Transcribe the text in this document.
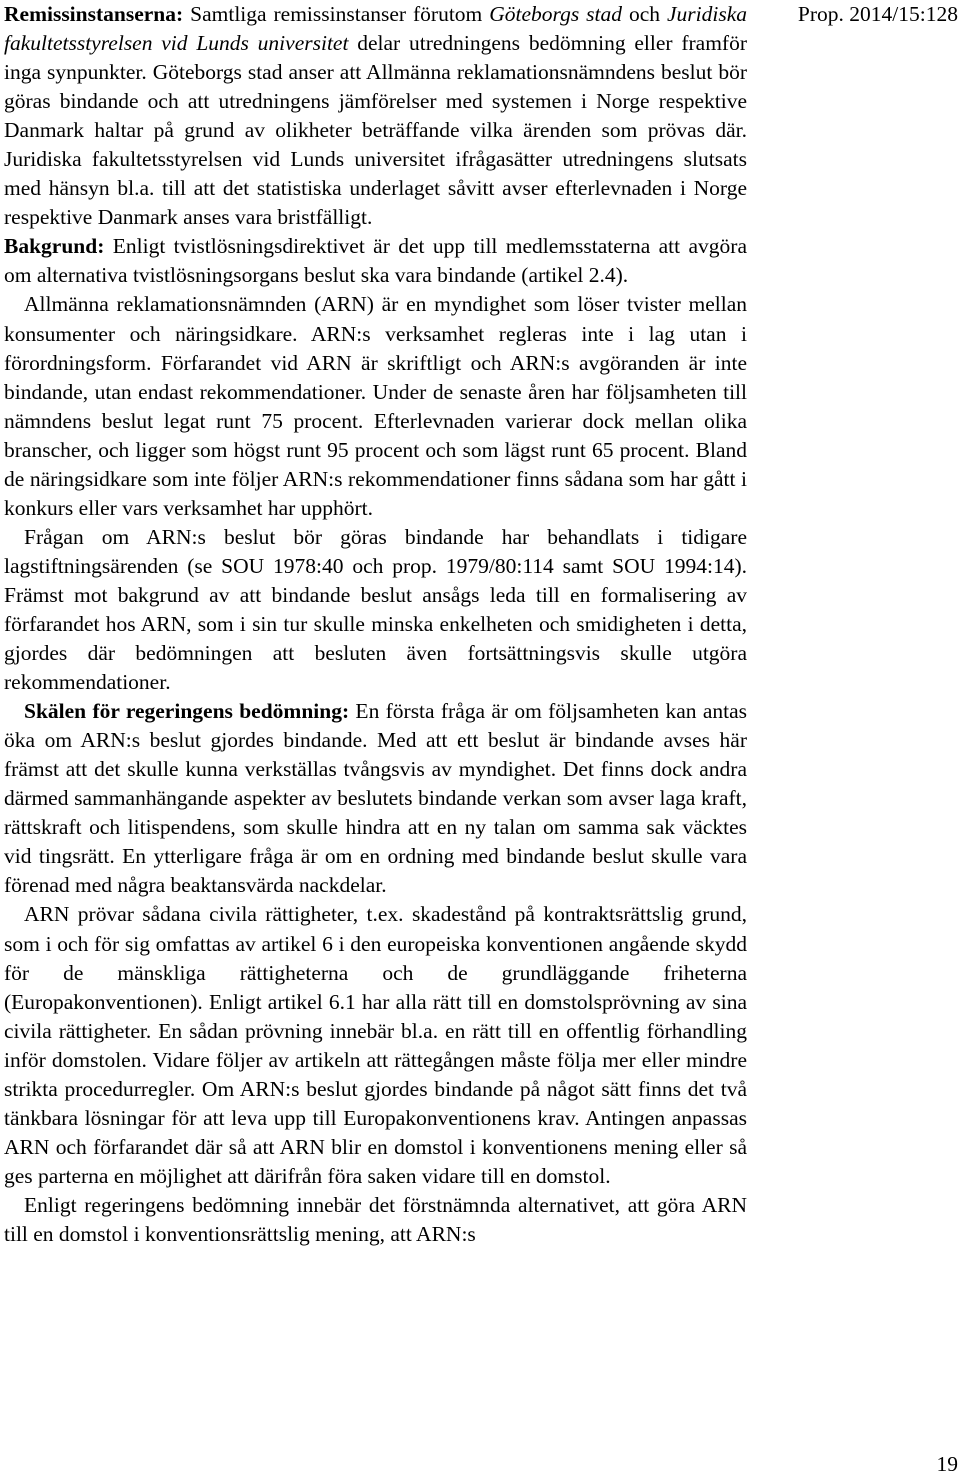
Remissinstanserna: Samtliga remissinstanser förutom Göteborgs stad och Juridiska fakultetsstyrelsen vid Lunds universitet delar utredningens bedömning eller framför inga synpunkter. Göteborgs stad anser att Allmänna reklamationsnämndens beslut bör göras bindande och att utredningens jämförelser med systemen i Norge respektive Danmark haltar på grund av olikheter beträffande vilka ärenden som prövas där. Juridiska fakultetsstyrelsen vid Lunds universitet ifrågasätter utredningens slutsats med hänsyn bl.a. till att det statistiska underlaget såvitt avser efterlevnaden i Norge respektive Danmark anses vara bristfälligt.

Bakgrund: Enligt tvistlösningsdirektivet är det upp till medlemsstaterna att avgöra om alternativa tvistlösningsorgans beslut ska vara bindande (artikel 2.4).

Allmänna reklamationsnämnden (ARN) är en myndighet som löser tvister mellan konsumenter och näringsidkare. ARN:s verksamhet regleras inte i lag utan i förordningsform. Förfarandet vid ARN är skriftligt och ARN:s avgöranden är inte bindande, utan endast rekommendationer. Under de senaste åren har följsamheten till nämndens beslut legat runt 75 procent. Efterlevnaden varierar dock mellan olika branscher, och ligger som högst runt 95 procent och som lägst runt 65 procent. Bland de näringsidkare som inte följer ARN:s rekommendationer finns sådana som har gått i konkurs eller vars verksamhet har upphört.

Frågan om ARN:s beslut bör göras bindande har behandlats i tidigare lagstiftningsärenden (se SOU 1978:40 och prop. 1979/80:114 samt SOU 1994:14). Främst mot bakgrund av att bindande beslut ansågs leda till en formalisering av förfarandet hos ARN, som i sin tur skulle minska enkelheten och smidigheten i detta, gjordes där bedömningen att besluten även fortsättningsvis skulle utgöra rekommendationer.

Skälen för regeringens bedömning: En första fråga är om följsamheten kan antas öka om ARN:s beslut gjordes bindande. Med att ett beslut är bindande avses här främst att det skulle kunna verkställas tvångsvis av myndighet. Det finns dock andra därmed sammanhängande aspekter av beslutets bindande verkan som avser laga kraft, rättskraft och litispendens, som skulle hindra att en ny talan om samma sak väcktes vid tingsrätt. En ytterligare fråga är om en ordning med bindande beslut skulle vara förenad med några beaktansvärda nackdelar.

ARN prövar sådana civila rättigheter, t.ex. skadestånd på kontraktsrättslig grund, som i och för sig omfattas av artikel 6 i den europeiska konventionen angående skydd för de mänskliga rättigheterna och de grundläggande friheterna (Europakonventionen). Enligt artikel 6.1 har alla rätt till en domstolsprövning av sina civila rättigheter. En sådan prövning innebär bl.a. en rätt till en offentlig förhandling inför domstolen. Vidare följer av artikeln att rättegången måste följa mer eller mindre strikta procedurregler. Om ARN:s beslut gjordes bindande på något sätt finns det två tänkbara lösningar för att leva upp till Europakonventionens krav. Antingen anpassas ARN och förfarandet där så att ARN blir en domstol i konventionens mening eller så ges parterna en möjlighet att därifrån föra saken vidare till en domstol.

Enligt regeringens bedömning innebär det förstnämnda alternativet, att göra ARN till en domstol i konventionsrättslig mening, att ARN:s

Prop. 2014/15:128
19
